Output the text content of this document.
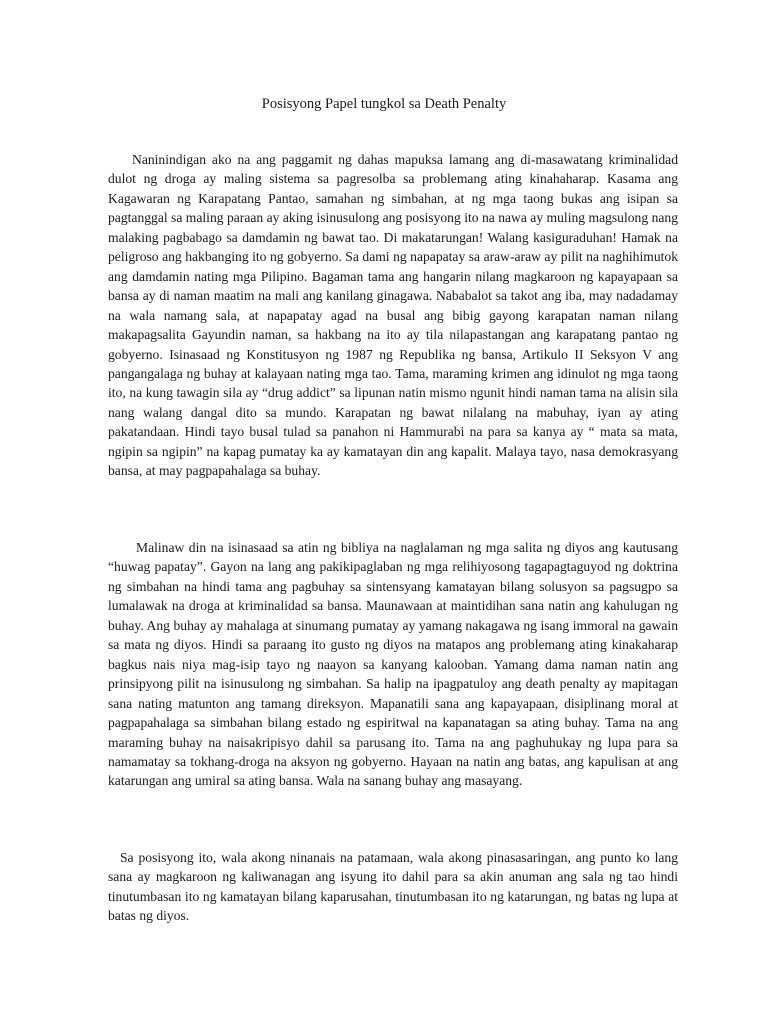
Posisyong Papel tungkol sa Death Penalty

Naninindigan ako na ang paggamit ng dahas mapuksa lamang ang di-masawatang kriminalidad dulot ng droga ay maling sistema sa pagresolba sa problemang ating kinahaharap. Kasama ang Kagawaran ng Karapatang Pantao, samahan ng simbahan, at ng mga taong bukas ang isipan sa pagtanggal sa maling paraan ay aking isinusulong ang posisyong ito na nawa ay muling magsulong nang malaking pagbabago sa damdamin ng bawat tao. Di makatarungan! Walang kasiguraduhan! Hamak na peligroso ang hakbanging ito ng gobyerno. Sa dami ng napapatay sa araw-araw ay pilit na naghihimutok ang damdamin nating mga Pilipino. Bagaman tama ang hangarin nilang magkaroon ng kapayapaan sa bansa ay di naman maatim na mali ang kanilang ginagawa. Nababalot sa takot ang iba, may nadadamay na wala namang sala, at napapatay agad na busal ang bibig gayong karapatan naman nilang makapagsalita Gayundin naman, sa hakbang na ito ay tila nilapastangan ang karapatang pantao ng gobyerno. Isinasaad ng Konstitusyon ng 1987 ng Republika ng bansa, Artikulo II Seksyon V ang pangangalaga ng buhay at kalayaan nating mga tao. Tama, maraming krimen ang idinulot ng mga taong ito, na kung tawagin sila ay “drug addict” sa lipunan natin mismo ngunit hindi naman tama na alisin sila nang walang dangal dito sa mundo. Karapatan ng bawat nilalang na mabuhay, iyan ay ating pakatandaan. Hindi tayo busal tulad sa panahon ni Hammurabi na para sa kanya ay “ mata sa mata, ngipin sa ngipin” na kapag pumatay ka ay kamatayan din ang kapalit. Malaya tayo, nasa demokrasyang bansa, at may pagpapahalaga sa buhay.

Malinaw din na isinasaad sa atin ng bibliya na naglalaman ng mga salita ng diyos ang kautusang “huwag papatay”. Gayon na lang ang pakikipaglaban ng mga relihiyosong tagapagtaguyod ng doktrina ng simbahan na hindi tama ang pagbuhay sa sintensyang kamatayan bilang solusyon sa pagsugpo sa lumalawak na droga at kriminalidad sa bansa. Maunawaan at maintidihan sana natin ang kahulugan ng buhay. Ang buhay ay mahalaga at sinumang pumatay ay yamang nakagawa ng isang immoral na gawain sa mata ng diyos. Hindi sa paraang ito gusto ng diyos na matapos ang problemang ating kinakaharap bagkus nais niya mag-isip tayo ng naayon sa kanyang kalooban. Yamang dama naman natin ang prinsipyong pilit na isinusulong ng simbahan. Sa halip na ipagpatuloy ang death penalty ay mapitagan sana nating matunton ang tamang direksyon. Mapanatili sana ang kapayapaan, disiplinang moral at pagpapahalaga sa simbahan bilang estado ng espiritwal na kapanatagan sa ating buhay. Tama na ang maraming buhay na naisakripisyo dahil sa parusang ito. Tama na ang paghuhukay ng lupa para sa namamatay sa tokhang-droga na aksyon ng gobyerno. Hayaan na natin ang batas, ang kapulisan at ang katarungan ang umiral sa ating bansa. Wala na sanang buhay ang masayang.

Sa posisyong ito, wala akong ninanais na patamaan, wala akong pinasasaringan, ang punto ko lang sana ay magkaroon ng kaliwanagan ang isyung ito dahil para sa akin anuman ang sala ng tao hindi tinutumbasan ito ng kamatayan bilang kaparusahan, tinutumbasan ito ng katarungan, ng batas ng lupa at batas ng diyos.
